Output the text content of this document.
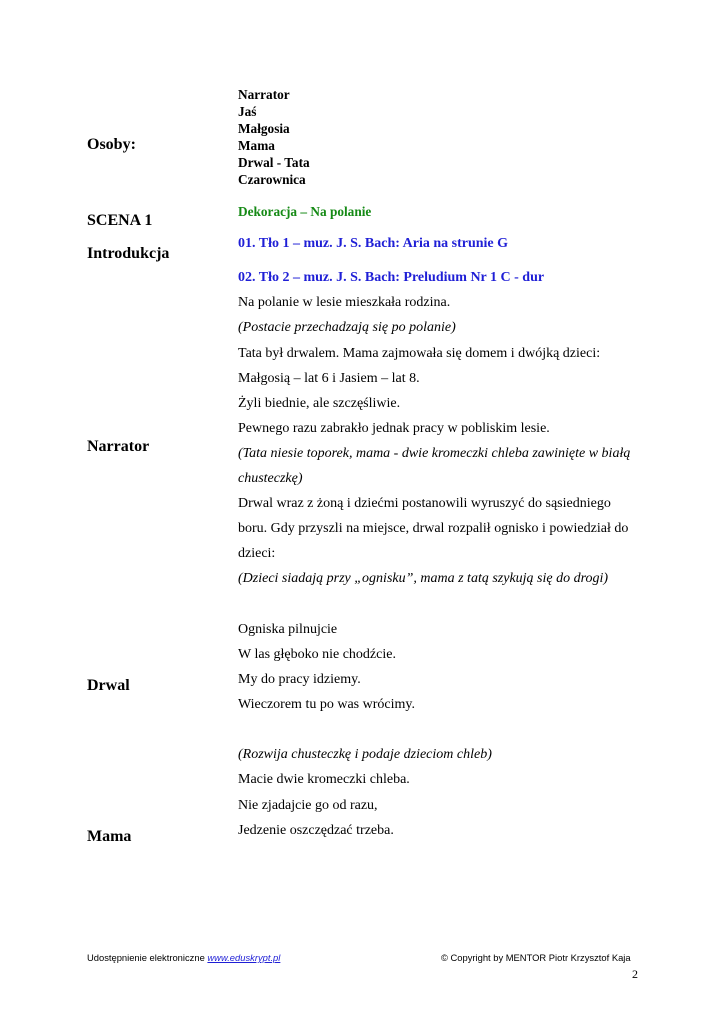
Osoby:
Narrator
Jaś
Małgosia
Mama
Drwal - Tata
Czarownica
SCENA 1
Dekoracja – Na polanie
Introdukcja
01. Tło 1 – muz. J. S. Bach: Aria na strunie G
02. Tło 2 – muz. J. S. Bach: Preludium Nr 1 C - dur
Narrator
Na polanie w lesie mieszkała rodzina.
(Postacie przechadzają się po polanie)
Tata był drwalem. Mama zajmowała się domem i dwójką dzieci:
Małgosią – lat 6 i Jasiem – lat 8.
Żyli biednie, ale szczęśliwie.
Pewnego razu zabrakło jednak pracy w pobliskim lesie.
(Tata niesie toporek, mama - dwie kromeczki chleba zawinięte w białą
chusteczkę)
Drwal wraz z żoną i dziećmi postanowili wyruszyć do sąsiedniego
boru. Gdy przyszli na miejsce, drwal rozpalił ognisko i powiedział do
dzieci:
(Dzieci siadają przy „ognisku”, mama z tatą szykują się do drogi)
Drwal
Ogniska pilnujcie
W las głęboko nie chodźcie.
My do pracy idziemy.
Wieczorem tu po was wrócimy.
Mama
(Rozwija chusteczkę i podaje dzieciom chleb)
Macie dwie kromeczki chleba.
Nie zjadajcie go od razu,
Jedzenie oszczędzać trzeba.
Udostępnienie elektroniczne www.eduskrypt.pl	© Copyright by MENTOR Piotr Krzysztof Kaja
2
